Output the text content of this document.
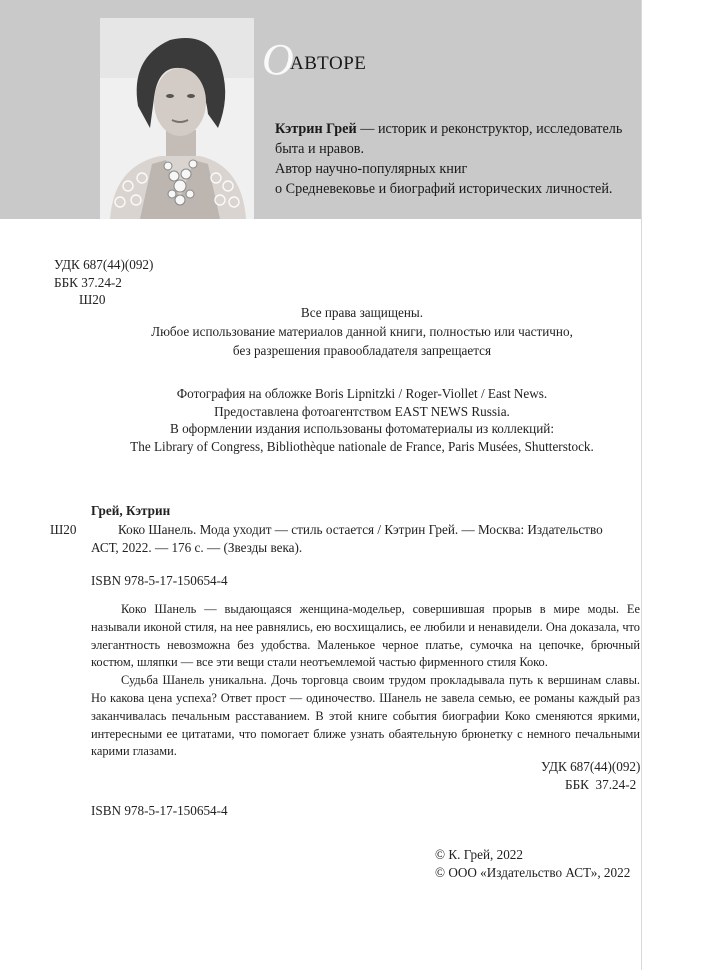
О
АВТОРЕ
Кэтрин Грей — историк и реконструктор, исследователь быта и нравов.
Автор научно-популярных книг
о Средневековье и биографий исторических личностей.
УДК 687(44)(092)
ББК 37.24-2
Ш20
Все права защищены.
Любое использование материалов данной книги, полностью или частично,
без разрешения правообладателя запрещается
Фотография на обложке Boris Lipnitzki / Roger-Viollet / East News.
Предоставлена фотоагентством EAST NEWS Russia.
В оформлении издания использованы фотоматериалы из коллекций:
The Library of Congress, Bibliothèque nationale de France, Paris Musées, Shutterstock.
Грей, Кэтрин
Ш20	Коко Шанель. Мода уходит — стиль остается / Кэтрин Грей. — Москва: Издательство
АСТ, 2022. — 176 с. — (Звезды века).
ISBN 978-5-17-150654-4

Коко Шанель — выдающаяся женщина-модельер, совершившая прорыв в мире моды. Ее называли иконой стиля, на нее равнялись, ею восхищались, ее любили и ненавидели. Она доказала, что элегантность невозможна без удобства. Маленькое черное платье, сумочка на цепочке, брючный костюм, шляпки — все эти вещи стали неотъемлемой частью фирменного стиля Коко.

Судьба Шанель уникальна. Дочь торговца своим трудом прокладывала путь к вершинам славы. Но какова цена успеха? Ответ прост — одиночество. Шанель не завела семью, ее романы каждый раз заканчивалась печальным расставанием. В этой книге события биографии Коко сменяются яркими, интересными ее цитатами, что помогает ближе узнать обаятельную брюнетку с немного печальными карими глазами.

УДК 687(44)(092)
ББК  37.24-2
ISBN 978-5-17-150654-4
© К. Грей, 2022
© ООО «Издательство АСТ», 2022
